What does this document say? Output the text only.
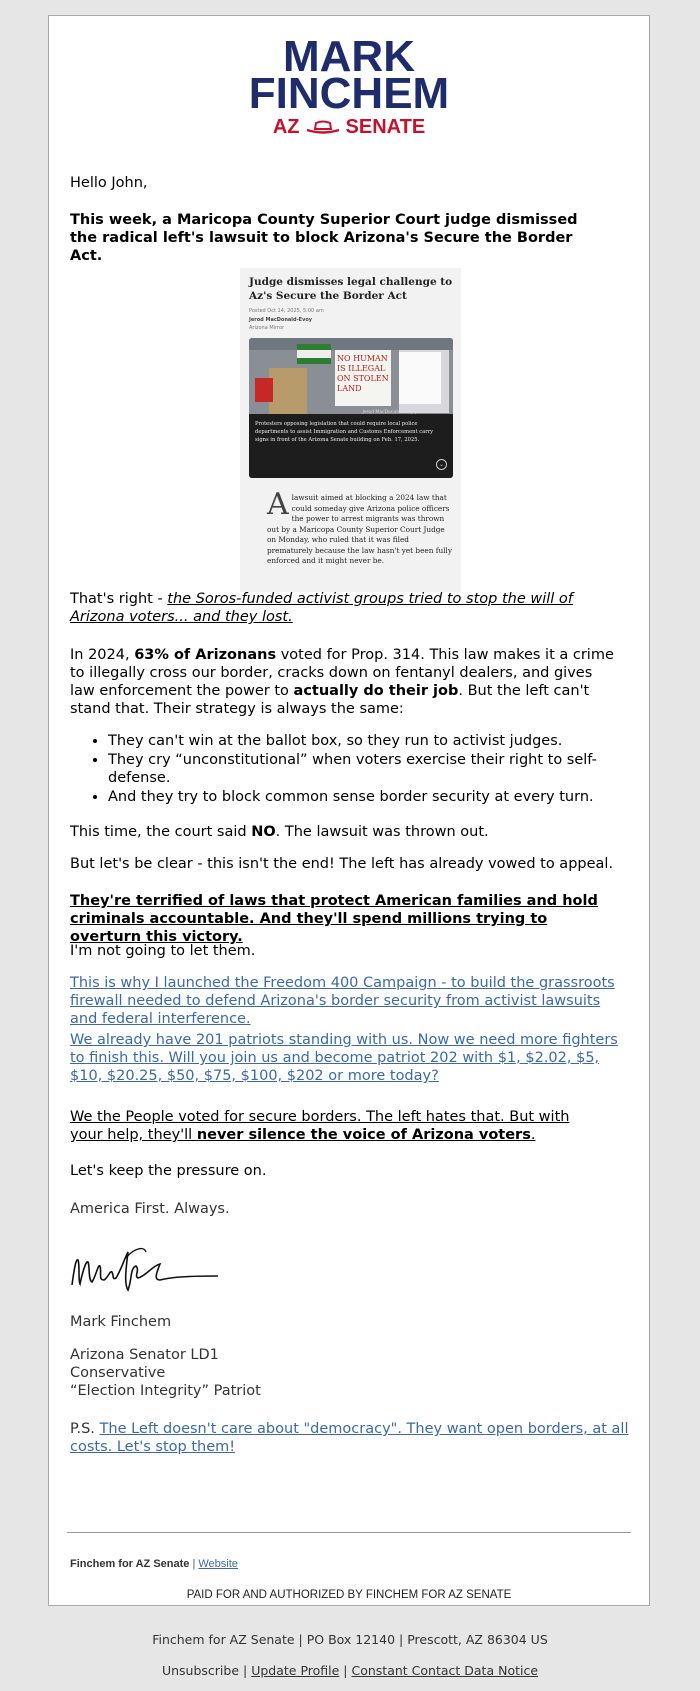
MARK
FINCHEM
AZ SENATE

Hello John,

This week, a Maricopa County Superior Court judge dismissed the radical left's lawsuit to block Arizona's Secure the Border Act.

Judge dismisses legal challenge to Az's Secure the Border Act
Posted Oct 14, 2025, 5:00 am
Jerod MacDonald-Evoy
Arizona Mirror
NO HUMAN IS ILLEGAL ON STOLEN LAND
Jerod MacDonald-Evoy | Arizona Mirror
Protesters opposing legislation that could require local police departments to assist Immigration and Customs Enforcement carry signs in front of the Arizona Senate building on Feb. 17, 2025.
⌄
A lawsuit aimed at blocking a 2024 law that could someday give Arizona police officers the power to arrest migrants was thrown out by a Maricopa County Superior Court Judge on Monday, who ruled that it was filed prematurely because the law hasn't yet been fully enforced and it might never be.

That's right - the Soros-funded activist groups tried to stop the will of Arizona voters... and they lost.

In 2024, 63% of Arizonans voted for Prop. 314. This law makes it a crime to illegally cross our border, cracks down on fentanyl dealers, and gives law enforcement the power to actually do their job. But the left can't stand that. Their strategy is always the same:

• They can't win at the ballot box, so they run to activist judges.
• They cry “unconstitutional” when voters exercise their right to self-defense.
• And they try to block common sense border security at every turn.

This time, the court said NO. The lawsuit was thrown out.

But let's be clear - this isn't the end! The left has already vowed to appeal.

They're terrified of laws that protect American families and hold criminals accountable. And they'll spend millions trying to overturn this victory.

I'm not going to let them.

This is why I launched the Freedom 400 Campaign - to build the grassroots firewall needed to defend Arizona's border security from activist lawsuits and federal interference.

We already have 201 patriots standing with us. Now we need more fighters to finish this. Will you join us and become patriot 202 with $1, $2.02, $5, $10, $20.25, $50, $75, $100, $202 or more today?

We the People voted for secure borders. The left hates that. But with your help, they'll never silence the voice of Arizona voters.

Let's keep the pressure on.

America First. Always.

Mark Finchem

Arizona Senator LD1
Conservative
“Election Integrity” Patriot

P.S. The Left doesn't care about "democracy". They want open borders, at all costs. Let's stop them!

Finchem for AZ Senate | Website
PAID FOR AND AUTHORIZED BY FINCHEM FOR AZ SENATE
Finchem for AZ Senate | PO Box 12140 | Prescott, AZ 86304 US
Unsubscribe | Update Profile | Constant Contact Data Notice
